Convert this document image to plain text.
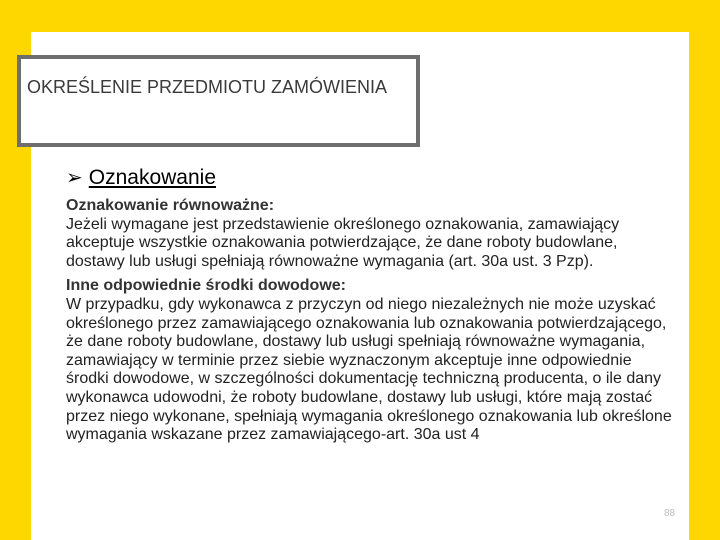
OKREŚLENIE PRZEDMIOTU ZAMÓWIENIA
➢ Oznakowanie

Oznakowanie równoważne:
Jeżeli wymagane jest przedstawienie określonego oznakowania, zamawiający akceptuje wszystkie oznakowania potwierdzające, że dane roboty budowlane, dostawy lub usługi spełniają równoważne wymagania (art. 30a ust. 3 Pzp).

Inne odpowiednie środki dowodowe:
W przypadku, gdy wykonawca z przyczyn od niego niezależnych nie może uzyskać określonego przez zamawiającego oznakowania lub oznakowania potwierdzającego, że dane roboty budowlane, dostawy lub usługi spełniają równoważne wymagania, zamawiający w terminie przez siebie wyznaczonym akceptuje inne odpowiednie środki dowodowe, w szczególności dokumentację techniczną producenta, o ile dany wykonawca udowodni, że roboty budowlane, dostawy lub usługi, które mają zostać przez niego wykonane, spełniają wymagania określonego oznakowania lub określone wymagania wskazane przez zamawiającego-art. 30a ust 4

88
